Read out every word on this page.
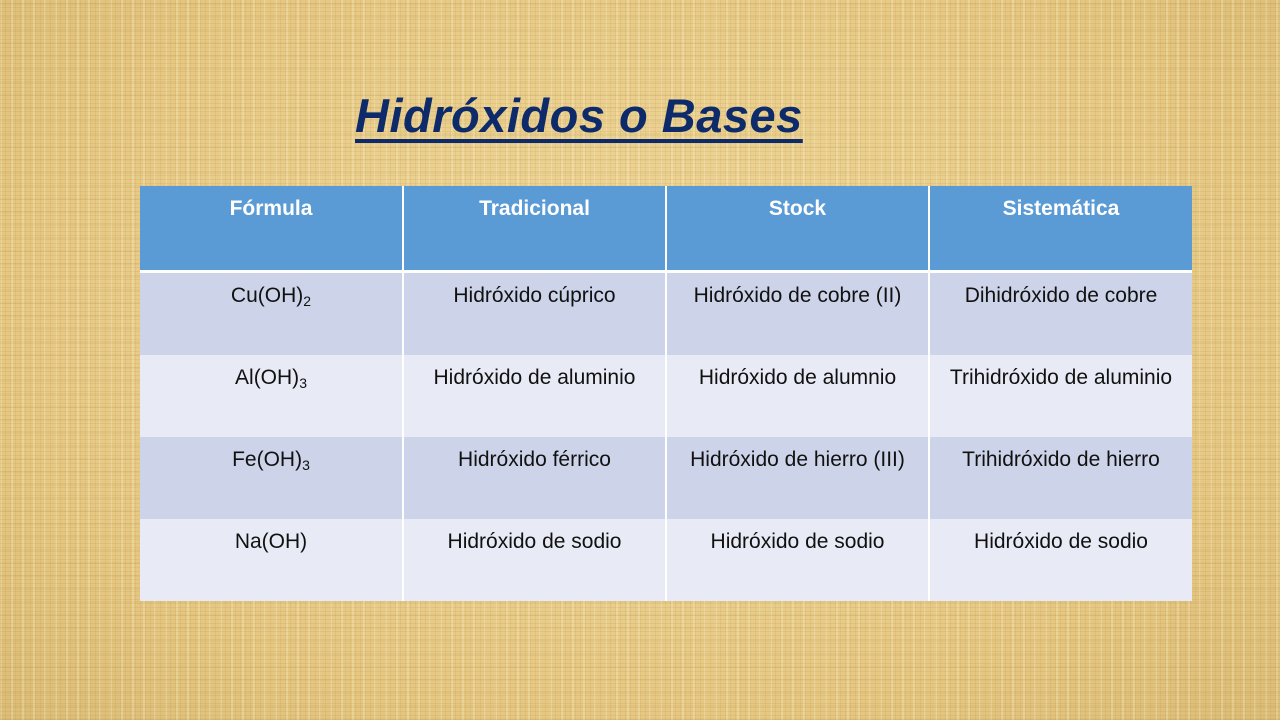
Hidróxidos o Bases
Fórmula	Tradicional	Stock	Sistemática
$Cu(OH)_2$	Hidróxido cúprico	Hidróxido de cobre (II)	Dihidróxido de cobre
$Al(OH)_3$	Hidróxido de aluminio	Hidróxido de alumnio	Trihidróxido de aluminio
$Fe(OH)_3$	Hidróxido férrico	Hidróxido de hierro (III)	Trihidróxido de hierro
Na(OH)	Hidróxido de sodio	Hidróxido de sodio	Hidróxido de sodio
